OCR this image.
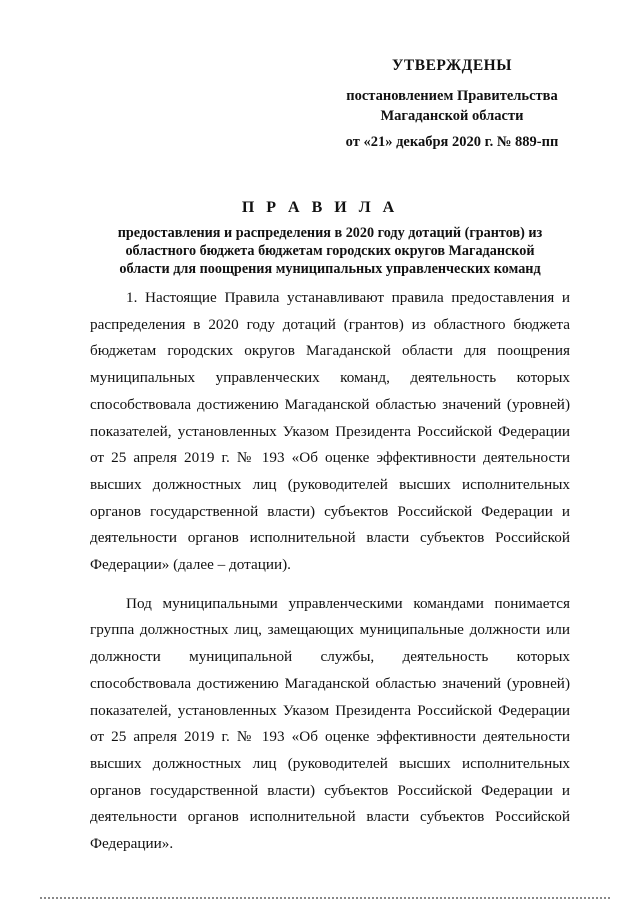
УТВЕРЖДЕНЫ
постановлением Правительства
Магаданской области
от «21» декабря 2020 г. № 889-пп
П Р А В И Л А
предоставления и распределения в 2020 году дотаций (грантов) из
областного бюджета бюджетам городских округов Магаданской
области для поощрения муниципальных управленческих команд

1. Настоящие Правила устанавливают правила предоставления и распределения в 2020 году дотаций (грантов) из областного бюджета бюджетам городских округов Магаданской области для поощрения муниципальных управленческих команд, деятельность которых способствовала достижению Магаданской областью значений (уровней) показателей, установленных Указом Президента Российской Федерации от 25 апреля 2019 г. № 193 «Об оценке эффективности деятельности высших должностных лиц (руководителей высших исполнительных органов государственной власти) субъектов Российской Федерации и деятельности органов исполнительной власти субъектов Российской Федерации» (далее – дотации).

Под муниципальными управленческими командами понимается группа должностных лиц, замещающих муниципальные должности или должности муниципальной службы, деятельность которых способствовала достижению Магаданской областью значений (уровней) показателей, установленных Указом Президента Российской Федерации от 25 апреля 2019 г. № 193 «Об оценке эффективности деятельности высших должностных лиц (руководителей высших исполнительных органов государственной власти) субъектов Российской Федерации и деятельности органов исполнительной власти субъектов Российской Федерации».
